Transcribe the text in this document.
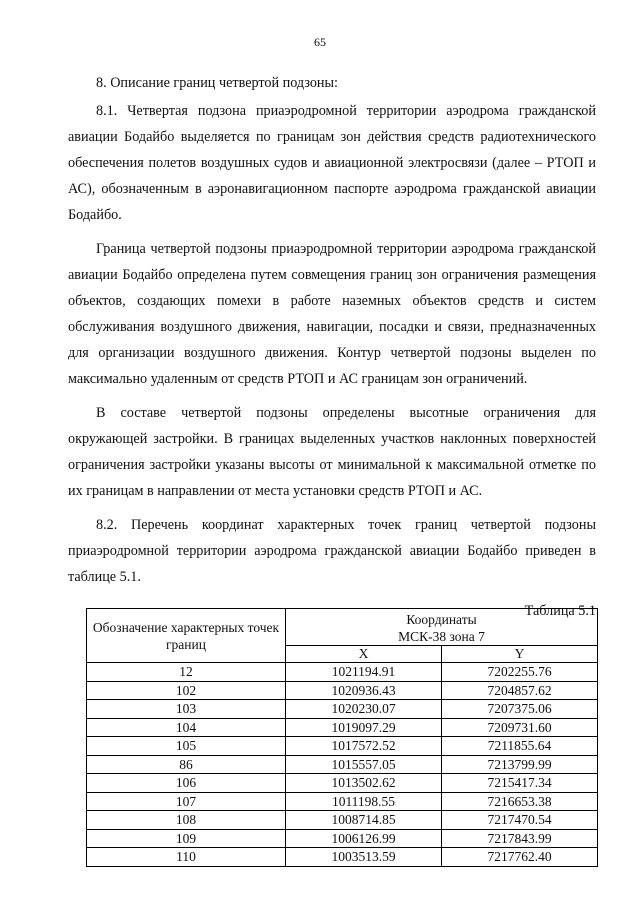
65
8. Описание границ четвертой подзоны:

8.1. Четвертая подзона приаэродромной территории аэродрома гражданской авиации Бодайбо выделяется по границам зон действия средств радиотехнического обеспечения полетов воздушных судов и авиационной электросвязи (далее – РТОП и АС), обозначенным в аэронавигационном паспорте аэродрома гражданской авиации Бодайбо.

Граница четвертой подзоны приаэродромной территории аэродрома гражданской авиации Бодайбо определена путем совмещения границ зон ограничения размещения объектов, создающих помехи в работе наземных объектов средств и систем обслуживания воздушного движения, навигации, посадки и связи, предназначенных для организации воздушного движения. Контур четвертой подзоны выделен по максимально удаленным от средств РТОП и АС границам зон ограничений.

В составе четвертой подзоны определены высотные ограничения для окружающей застройки. В границах выделенных участков наклонных поверхностей ограничения застройки указаны высоты от минимальной к максимальной отметке по их границам в направлении от места установки средств РТОП и АС.

8.2. Перечень координат характерных точек границ четвертой подзоны приаэродромной территории аэродрома гражданской авиации Бодайбо приведен в таблице 5.1.

Таблица 5.1
Обозначение характерных точек границ	Координаты
МСК-38 зона 7	

	X	Y
12	1021194.91	7202255.76
102	1020936.43	7204857.62
103	1020230.07	7207375.06
104	1019097.29	7209731.60
105	1017572.52	7211855.64
86	1015557.05	7213799.99
106	1013502.62	7215417.34
107	1011198.55	7216653.38
108	1008714.85	7217470.54
109	1006126.99	7217843.99
110	1003513.59	7217762.40
